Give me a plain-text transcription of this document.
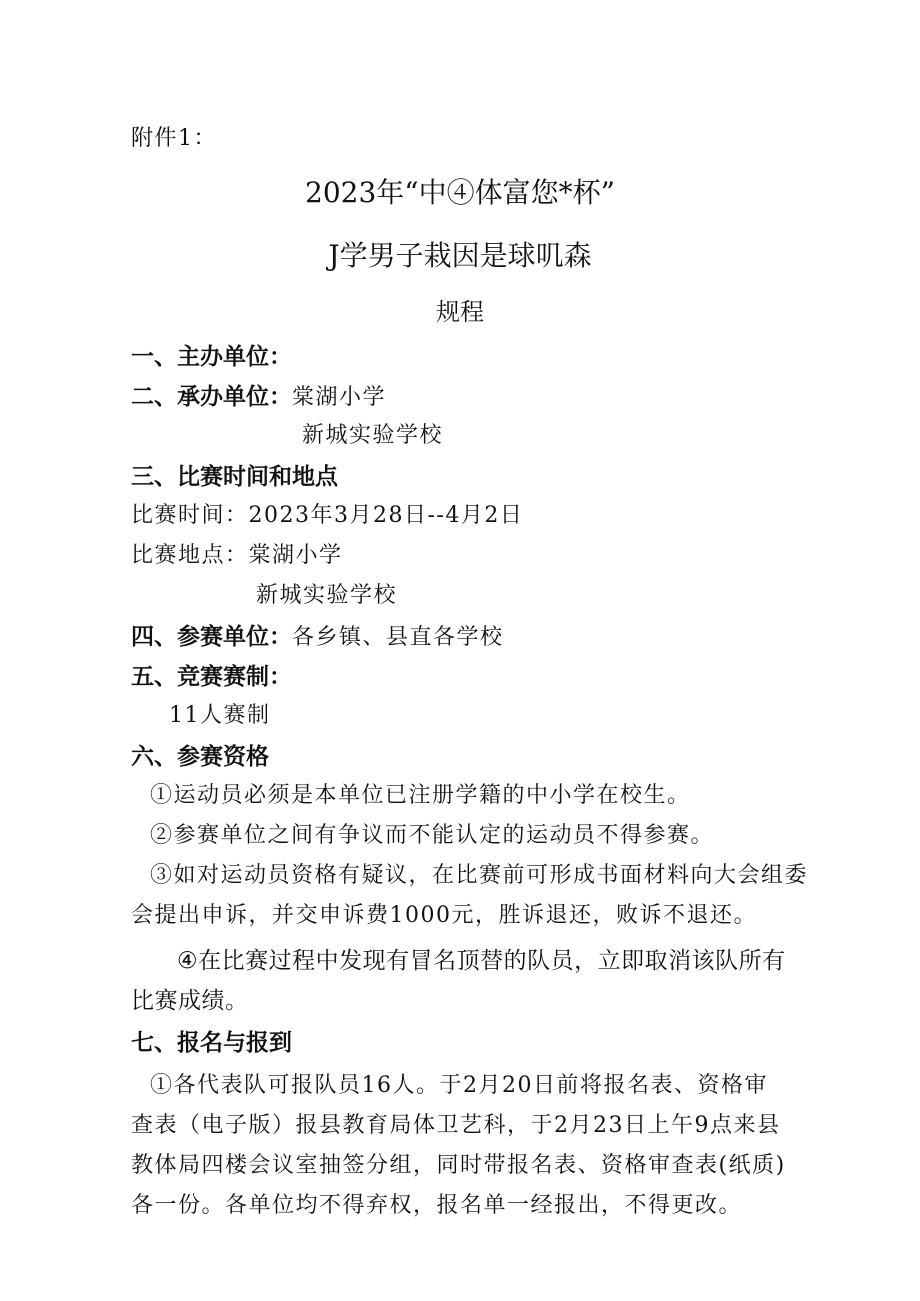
附件1：

2023年“中④体富您*杯”

J学男子栽因是球叽森

规程

一、主办单位：

二、承办单位：棠湖小学

新城实验学校

三、比赛时间和地点

比赛时间：2023年3月28日--4月2日

比赛地点：棠湖小学

新城实验学校

四、参赛单位：各乡镇、县直各学校

五、竞赛赛制：

11人赛制

六、参赛资格

①运动员必须是本单位已注册学籍的中小学在校生。

②参赛单位之间有争议而不能认定的运动员不得参赛。

③如对运动员资格有疑议，在比赛前可形成书面材料向大会组委

会提出申诉，并交申诉费1000元，胜诉退还，败诉不退还。

④在比赛过程中发现有冒名顶替的队员，立即取消该队所有

比赛成绩。

七、报名与报到

①各代表队可报队员16人。于2月20日前将报名表、资格审

查表（电子版）报县教育局体卫艺科，于2月23日上午9点来县

教体局四楼会议室抽签分组，同时带报名表、资格审查表(纸质)

各一份。各单位均不得弃权，报名单一经报出，不得更改。
